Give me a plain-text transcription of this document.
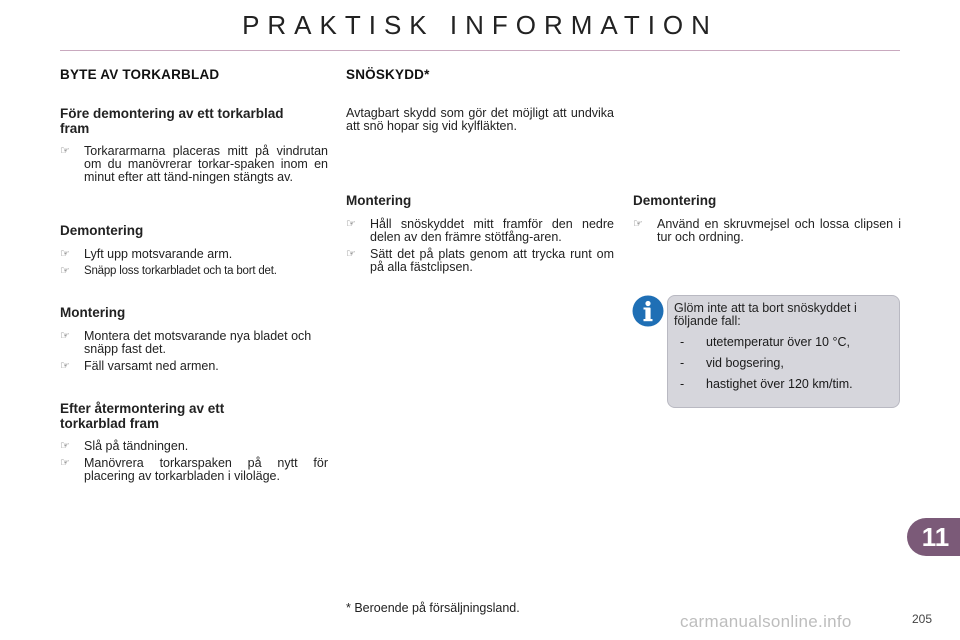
PRAKTISK INFORMATION
BYTE AV TORKARBLAD
Före demontering av ett torkarblad fram
☞ Torkararmarna placeras mitt på vindrutan om du manövrerar torkar-spaken inom en minut efter att tänd-ningen stängts av.
Demontering
☞ Lyft upp motsvarande arm.
☞ Snäpp loss torkarbladet och ta bort det.
Montering
☞ Montera det motsvarande nya bladet och snäpp fast det.
☞ Fäll varsamt ned armen.
Efter återmontering av ett torkarblad fram
☞ Slå på tändningen.
☞ Manövrera torkarspaken på nytt för placering av torkarbladen i viloläge.
SNÖSKYDD*
Avtagbart skydd som gör det möjligt att undvika att snö hopar sig vid kylfläkten.
Montering
☞ Håll snöskyddet mitt framför den nedre delen av den främre stötfång-aren.
☞ Sätt det på plats genom att trycka runt om på alla fästclipsen.
Demontering
☞ Använd en skruvmejsel och lossa clipsen i tur och ordning.
Glöm inte att ta bort snöskyddet i följande fall:
- utetemperatur över 10 °C,
- vid bogsering,
- hastighet över 120 km/tim.
11
* Beroende på försäljningsland.
carmanualsonline.info	205
